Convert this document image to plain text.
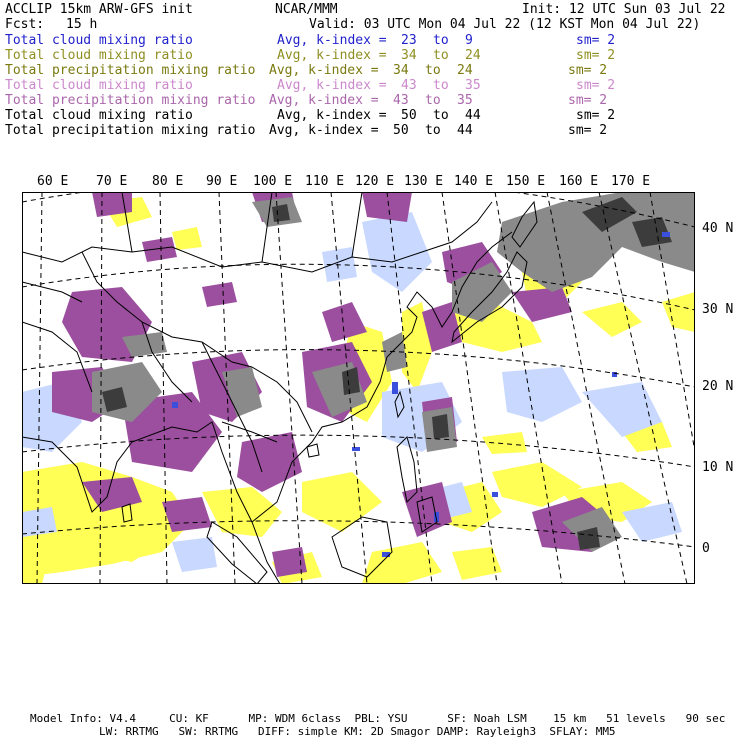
ACCLIP 15km ARW-GFS init	NCAR/MMM	Init: 12 UTC Sun 03 Jul 22
Fcst: 15 h	Valid: 03 UTC Mon 04 Jul 22 (12 KST Mon 04 Jul 22)
Total cloud mixing ratio	Avg, k-index = 23 to 9	sm= 2
Total cloud mixing ratio	Avg, k-index = 34 to 24	sm= 2
Total precipitation mixing ratio Avg, k-index = 34 to 24	sm= 2
Total cloud mixing ratio	Avg, k-index = 43 to 35	sm= 2
Total precipitation mixing ratio Avg, k-index = 43 to 35	sm= 2
Total cloud mixing ratio	Avg, k-index = 50 to 44	sm= 2
Total precipitation mixing ratio Avg, k-index = 50 to 44	sm= 2
60 E 70 E 80 E 90 E 100 E 110 E 120 E 130 E 140 E 150 E 160 E 170 E
40 N
30 N
20 N
10 N
0
Model Info: V4.4     CU: KF      MP: WDM 6class  PBL: YSU      SF: Noah LSM    15 km   51 levels   90 sec
LW: RRTMG   SW: RRTMG   DIFF: simple KM: 2D Smagor DAMP: Rayleigh3  SFLAY: MM5
